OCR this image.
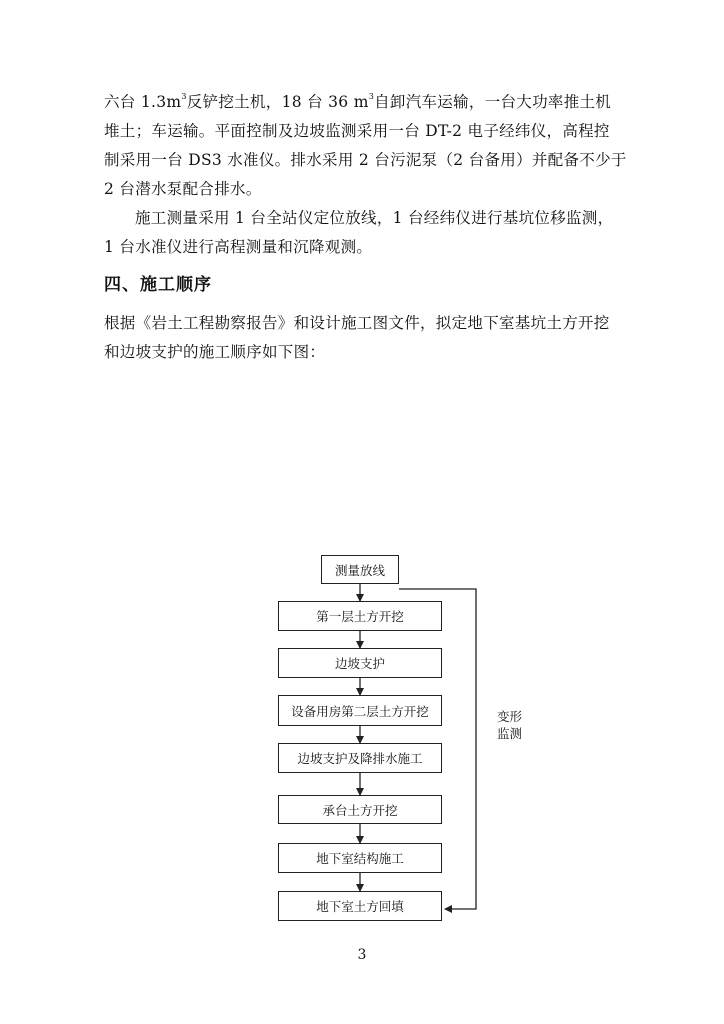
六台 $1.3m^3$反铲挖土机，18 台 36 $m^3$自卸汽车运输，一台大功率推土机

堆土；车运输。平面控制及边坡监测采用一台 DT-2 电子经纬仪，高程控

制采用一台 DS3 水准仪。排水采用 2 台污泥泵（2 台备用）并配备不少于

2 台潜水泵配合排水。

施工测量采用 1 台全站仪定位放线，1 台经纬仪进行基坑位移监测，

1 台水准仪进行高程测量和沉降观测。

四、施工顺序

根据《岩土工程勘察报告》和设计施工图文件，拟定地下室基坑土方开挖

和边坡支护的施工顺序如下图：

测量放线
第一层土方开挖
边坡支护
设备用房第二层土方开挖
边坡支护及降排水施工
承台土方开挖
地下室结构施工
地下室土方回填
变形
监测
3
